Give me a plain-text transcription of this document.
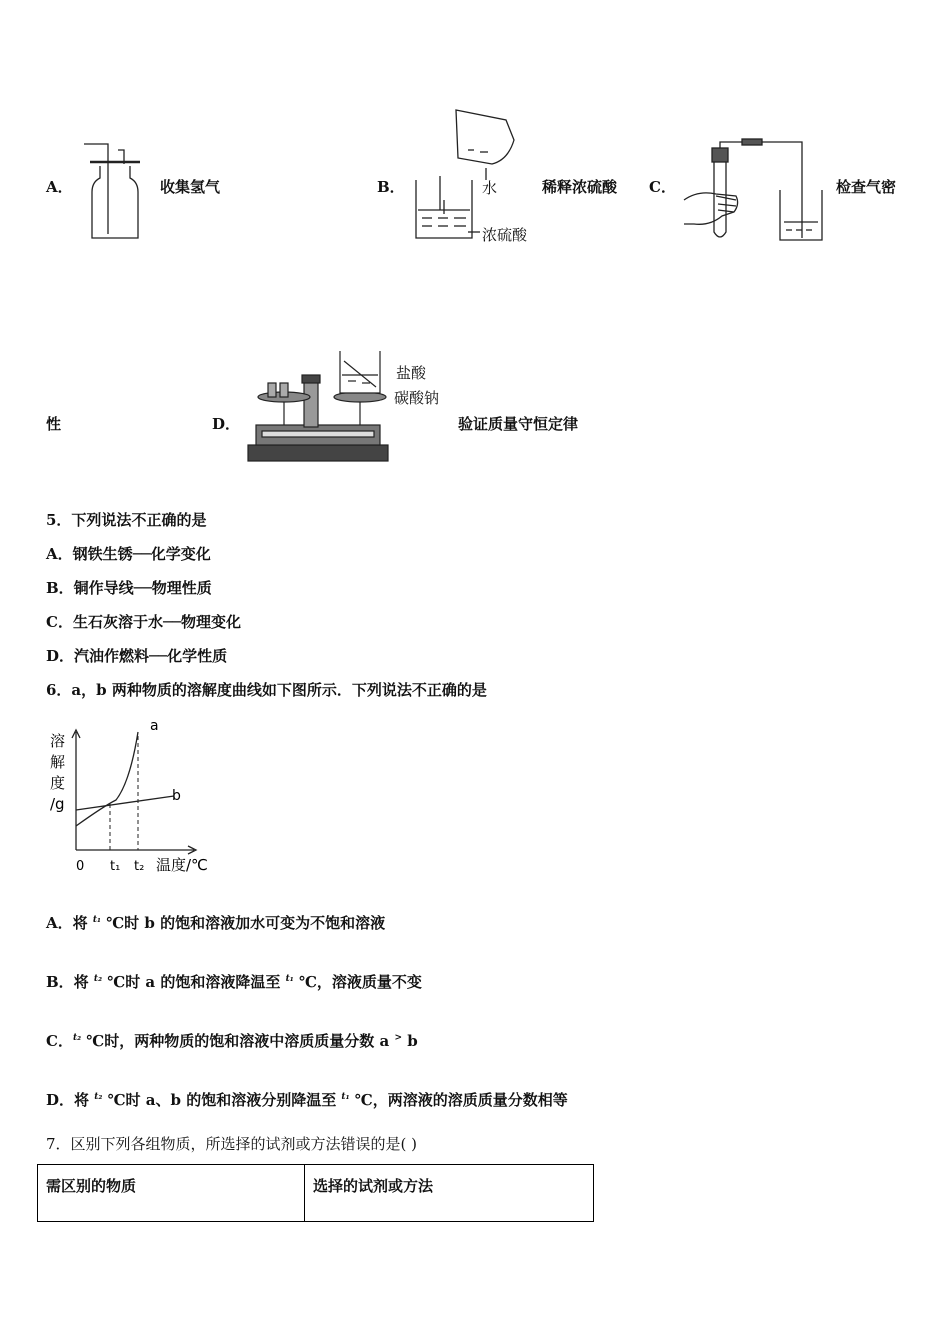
A．	收集氢气	B．	水
浓硫酸
稀释浓硫酸 C．	检查气密
性	D．
盐酸
碳酸钠
验证质量守恒定律
5．下列说法不正确的是
A．钢铁生锈──化学变化
B．铜作导线──物理性质
C．生石灰溶于水──物理变化
D．汽油作燃料──化学性质
6．a，b 两种物质的溶解度曲线如下图所示．下列说法不正确的是
溶
解
度
/g
0 t₁ t₂ 温度/℃
a
b
A．将 $^{t_1}$ ℃时 b 的饱和溶液加水可变为不饱和溶液
B．将 $^{t_2}$ ℃时 a 的饱和溶液降温至 $^{t_1}$ ℃，溶液质量不变
C．$^{t_2}$ ℃时，两种物质的饱和溶液中溶质质量分数 a > b
D．将 $^{t_2}$ ℃时 a、b 的饱和溶液分别降温至 $^{t_1}$ ℃，两溶液的溶质质量分数相等
7．区别下列各组物质，所选择的试剂或方法错误的是( )
需区别的物质	选择的试剂或方法
